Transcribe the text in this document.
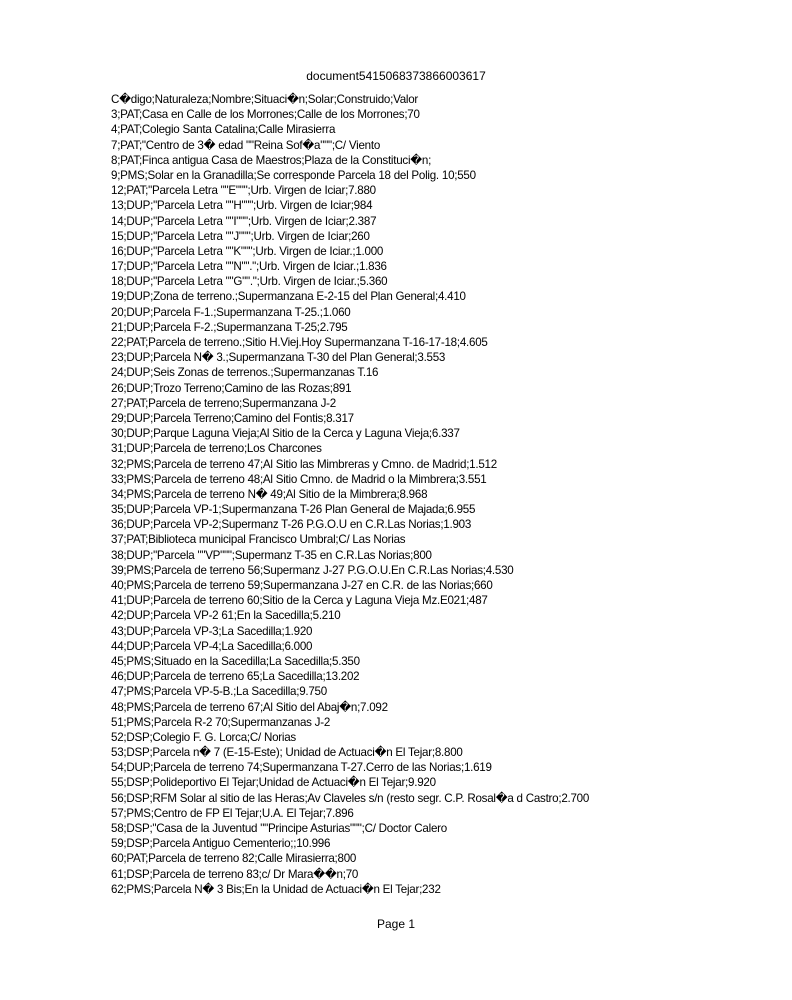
document5415068373866003617
C�digo;Naturaleza;Nombre;Situaci�n;Solar;Construido;Valor
3;PAT;Casa en Calle de los Morrones;Calle de los Morrones;70
4;PAT;Colegio Santa Catalina;Calle Mirasierra
7;PAT;"Centro de 3� edad ""Reina Sof�a""";C/ Viento
8;PAT;Finca antigua Casa de Maestros;Plaza de la Constituci�n;
9;PMS;Solar en la Granadilla;Se corresponde Parcela 18 del Polig. 10;550
12;PAT;"Parcela Letra ""E""";Urb. Virgen de Iciar;7.880
13;DUP;"Parcela Letra ""H""";Urb. Virgen de Iciar;984
14;DUP;"Parcela Letra ""I""";Urb. Virgen de Iciar;2.387
15;DUP;"Parcela Letra ""J""";Urb. Virgen de Iciar;260
16;DUP;"Parcela Letra ""K""";Urb. Virgen de Iciar.;1.000
17;DUP;"Parcela Letra ""N"".";Urb. Virgen de Iciar.;1.836
18;DUP;"Parcela Letra ""G"".";Urb. Virgen de Iciar.;5.360
19;DUP;Zona de terreno.;Supermanzana E-2-15 del Plan General;4.410
20;DUP;Parcela F-1.;Supermanzana T-25.;1.060
21;DUP;Parcela F-2.;Supermanzana T-25;2.795
22;PAT;Parcela de terreno.;Sitio H.Viej.Hoy Supermanzana T-16-17-18;4.605
23;DUP;Parcela N� 3.;Supermanzana T-30 del Plan General;3.553
24;DUP;Seis Zonas de terrenos.;Supermanzanas T.16
26;DUP;Trozo Terreno;Camino de las Rozas;891
27;PAT;Parcela de terreno;Supermanzana J-2
29;DUP;Parcela Terreno;Camino del Fontis;8.317
30;DUP;Parque Laguna Vieja;Al Sitio de la Cerca y Laguna Vieja;6.337
31;DUP;Parcela de terreno;Los Charcones
32;PMS;Parcela de terreno 47;Al Sitio las Mimbreras y Cmno. de Madrid;1.512
33;PMS;Parcela de terreno 48;Al Sitio Cmno. de Madrid o la Mimbrera;3.551
34;PMS;Parcela de terreno N� 49;Al Sitio de la Mimbrera;8.968
35;DUP;Parcela VP-1;Supermanzana T-26 Plan General de Majada;6.955
36;DUP;Parcela VP-2;Supermanz T-26 P.G.O.U en C.R.Las Norias;1.903
37;PAT;Biblioteca municipal Francisco Umbral;C/ Las Norias
38;DUP;"Parcela ""VP""";Supermanz T-35 en C.R.Las Norias;800
39;PMS;Parcela de terreno 56;Supermanz J-27 P.G.O.U.En C.R.Las Norias;4.530
40;PMS;Parcela de terreno 59;Supermanzana J-27 en C.R. de las Norias;660
41;DUP;Parcela de terreno 60;Sitio de la Cerca y Laguna Vieja Mz.E021;487
42;DUP;Parcela VP-2 61;En la Sacedilla;5.210
43;DUP;Parcela VP-3;La Sacedilla;1.920
44;DUP;Parcela VP-4;La Sacedilla;6.000
45;PMS;Situado en la Sacedilla;La Sacedilla;5.350
46;DUP;Parcela de terreno 65;La Sacedilla;13.202
47;PMS;Parcela VP-5-B.;La Sacedilla;9.750
48;PMS;Parcela de terreno 67;Al Sitio del Abaj�n;7.092
51;PMS;Parcela R-2 70;Supermanzanas J-2
52;DSP;Colegio F. G. Lorca;C/ Norias
53;DSP;Parcela n� 7 (E-15-Este); Unidad de Actuaci�n El Tejar;8.800
54;DUP;Parcela de terreno 74;Supermanzana T-27.Cerro de las Norias;1.619
55;DSP;Polideportivo El Tejar;Unidad de Actuaci�n El Tejar;9.920
56;DSP;RFM Solar al sitio de las Heras;Av Claveles s/n (resto segr. C.P. Rosal�a d Castro;2.700
57;PMS;Centro de FP El Tejar;U.A. El Tejar;7.896
58;DSP;"Casa de la Juventud ""Principe Asturias""";C/ Doctor Calero
59;DSP;Parcela Antiguo Cementerio;;10.996
60;PAT;Parcela de terreno 82;Calle Mirasierra;800
61;DSP;Parcela de terreno 83;c/ Dr Mara��n;70
62;PMS;Parcela N� 3 Bis;En la Unidad de Actuaci�n El Tejar;232
Page 1
